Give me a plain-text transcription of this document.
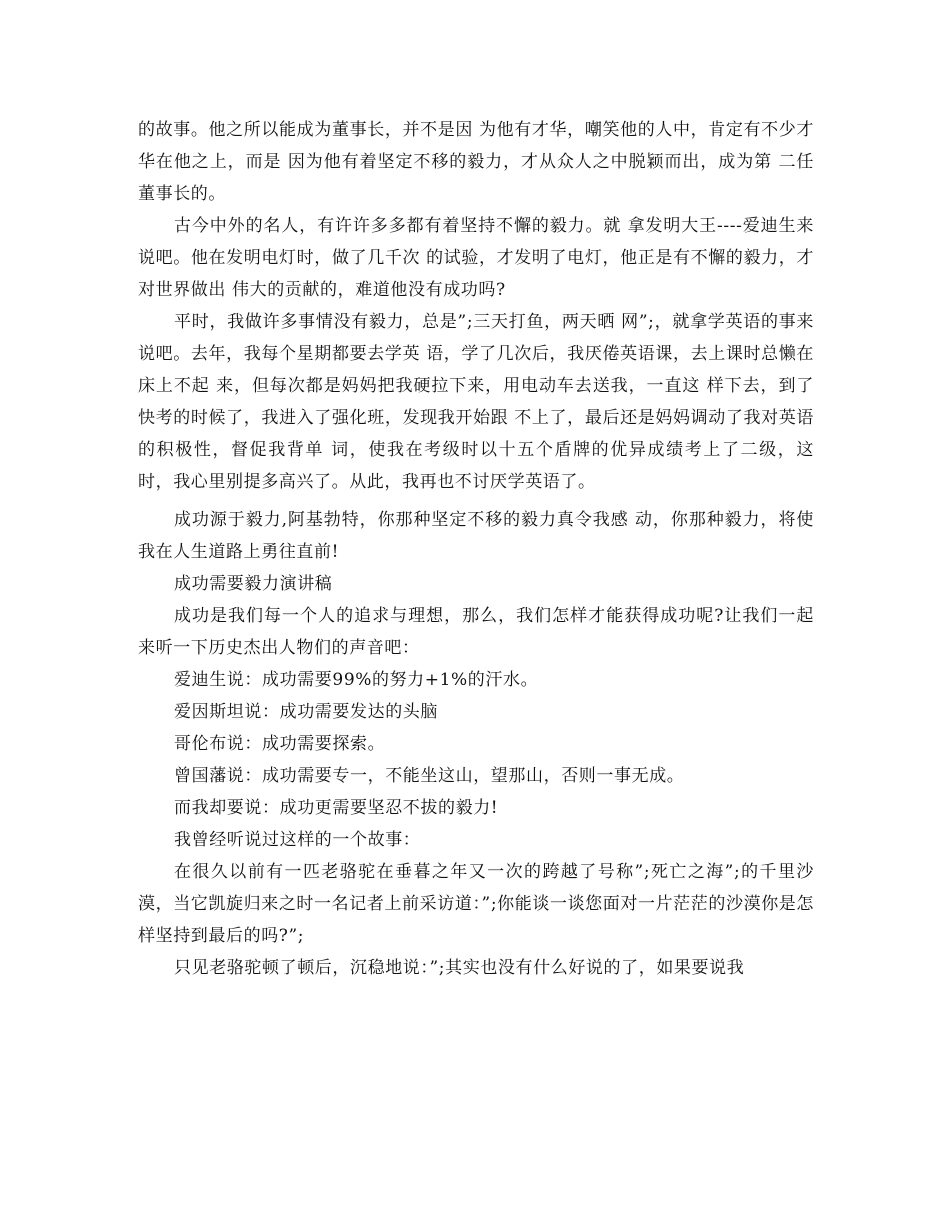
的故事。他之所以能成为董事长，并不是因 为他有才华，嘲笑他的人中，肯定有不少才华在他之上，而是 因为他有着坚定不移的毅力，才从众人之中脱颖而出，成为第 二任董事长的。

古今中外的名人，有许许多多都有着坚持不懈的毅力。就 拿发明大王----爱迪生来说吧。他在发明电灯时，做了几千次 的试验，才发明了电灯，他正是有不懈的毅力，才对世界做出 伟大的贡献的，难道他没有成功吗?

平时，我做许多事情没有毅力，总是”;三天打鱼，两天晒 网”;，就拿学英语的事来说吧。去年，我每个星期都要去学英 语，学了几次后，我厌倦英语课，去上课时总懒在床上不起 来，但每次都是妈妈把我硬拉下来，用电动车去送我，一直这 样下去，到了快考的时候了，我进入了强化班，发现我开始跟 不上了，最后还是妈妈调动了我对英语的积极性，督促我背单 词，使我在考级时以十五个盾牌的优异成绩考上了二级，这 时，我心里别提多高兴了。从此，我再也不讨厌学英语了。

成功源于毅力,阿基勃特，你那种坚定不移的毅力真令我感 动，你那种毅力，将使我在人生道路上勇往直前!

成功需要毅力演讲稿

成功是我们每一个人的追求与理想，那么，我们怎样才能获得成功呢?让我们一起来听一下历史杰出人物们的声音吧：

爱迪生说：成功需要99%的努力+1%的汗水。

爱因斯坦说：成功需要发达的头脑

哥伦布说：成功需要探索。

曾国藩说：成功需要专一，不能坐这山，望那山，否则一事无成。

而我却要说：成功更需要坚忍不拔的毅力!

我曾经听说过这样的一个故事：

在很久以前有一匹老骆驼在垂暮之年又一次的跨越了号称”;死亡之海”;的千里沙漠，当它凯旋归来之时一名记者上前采访道：”;你能谈一谈您面对一片茫茫的沙漠你是怎样坚持到最后的吗?”;

只见老骆驼顿了顿后，沉稳地说：”;其实也没有什么好说的了，如果要说我
